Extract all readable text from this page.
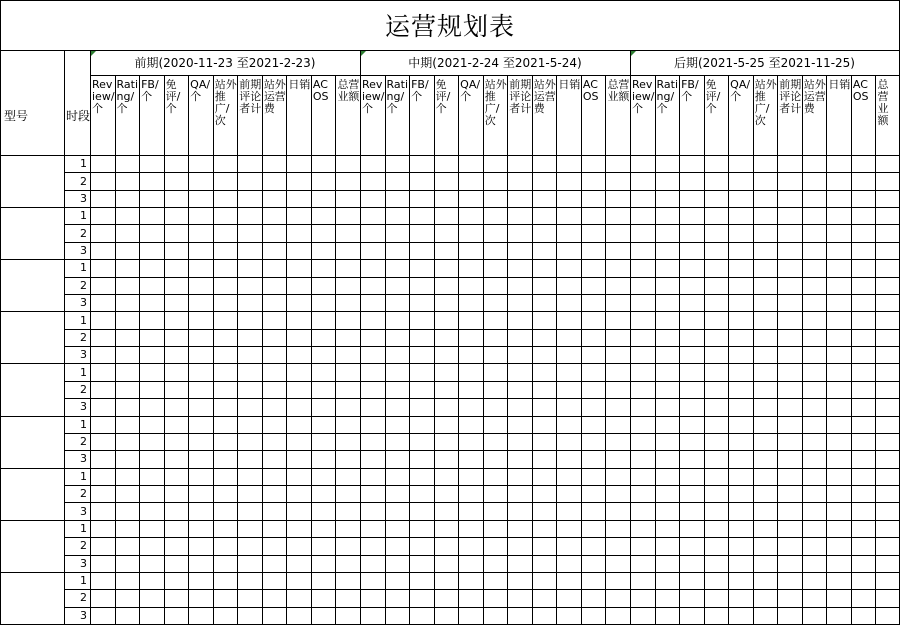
运营规划表
型号	时段
前期(2020-11-23 至2021-2-23)
Review/个
Rating/个
FB/个
免评/个
QA/个
站外推广/次
前期评论者计
站外运营费
日销 ACOS
总营业额
中期(2021-2-24 至2021-5-24)
Review/个
Rating/个
FB/个
免评/个
QA/个
站外推广/次
前期评论者计
站外运营费
日销 ACOS
总营业额
后期(2021-5-25 至2021-11-25)
Review/个
Rating/个
FB/个
免评/个
QA/个
站外推广/次
前期评论者计
站外运营费
日销 ACOS
总营业额
1
2
3
1
2
3
1
2
3
1
2
3
1
2
3
1
2
3
1
2
3
1
2
3
1
2
3
